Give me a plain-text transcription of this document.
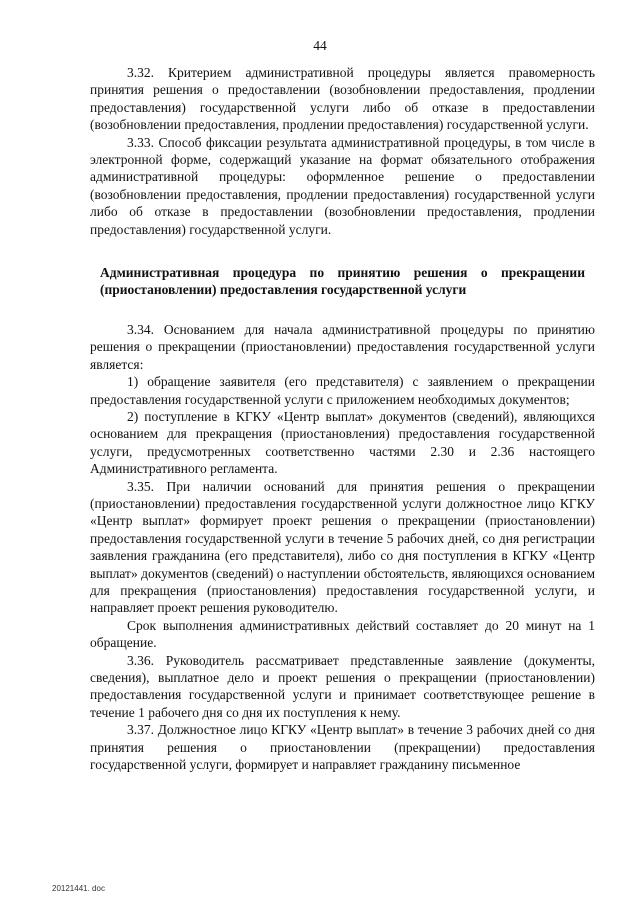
44

3.32. Критерием административной процедуры является правомерность принятия решения о предоставлении (возобновлении предоставления, продлении предоставления) государственной услуги либо об отказе в предоставлении (возобновлении предоставления, продлении предоставления) государственной услуги.

3.33. Способ фиксации результата административной процедуры, в том числе в электронной форме, содержащий указание на формат обязательного отображения административной процедуры: оформленное решение о предоставлении (возобновлении предоставления, продлении предоставления) государственной услуги либо об отказе в предоставлении (возобновлении предоставления, продлении предоставления) государственной услуги.

Административная процедура по принятию решения о прекращении (приостановлении) предоставления государственной услуги

3.34. Основанием для начала административной процедуры по принятию решения о прекращении (приостановлении) предоставления государственной услуги является:

1) обращение заявителя (его представителя) с заявлением о прекращении предоставления государственной услуги с приложением необходимых документов;

2) поступление в КГКУ «Центр выплат» документов (сведений), являющихся основанием для прекращения (приостановления) предоставления государственной услуги, предусмотренных соответственно частями 2.30 и 2.36 настоящего Административного регламента.

3.35. При наличии оснований для принятия решения о прекращении (приостановлении) предоставления государственной услуги должностное лицо КГКУ «Центр выплат» формирует проект решения о прекращении (приостановлении) предоставления государственной услуги в течение 5 рабочих дней, со дня регистрации заявления гражданина (его представителя), либо со дня поступления в КГКУ «Центр выплат» документов (сведений) о наступлении обстоятельств, являющихся основанием для прекращения (приостановления) предоставления государственной услуги, и направляет проект решения руководителю.

Срок выполнения административных действий составляет до 20 минут на 1 обращение.

3.36. Руководитель рассматривает представленные заявление (документы, сведения), выплатное дело и проект решения о прекращении (приостановлении) предоставления государственной услуги и принимает соответствующее решение в течение 1 рабочего дня со дня их поступления к нему.

3.37. Должностное лицо КГКУ «Центр выплат» в течение 3 рабочих дней со дня принятия решения о приостановлении (прекращении) предоставления государственной услуги, формирует и направляет гражданину письменное

20121441. doc
